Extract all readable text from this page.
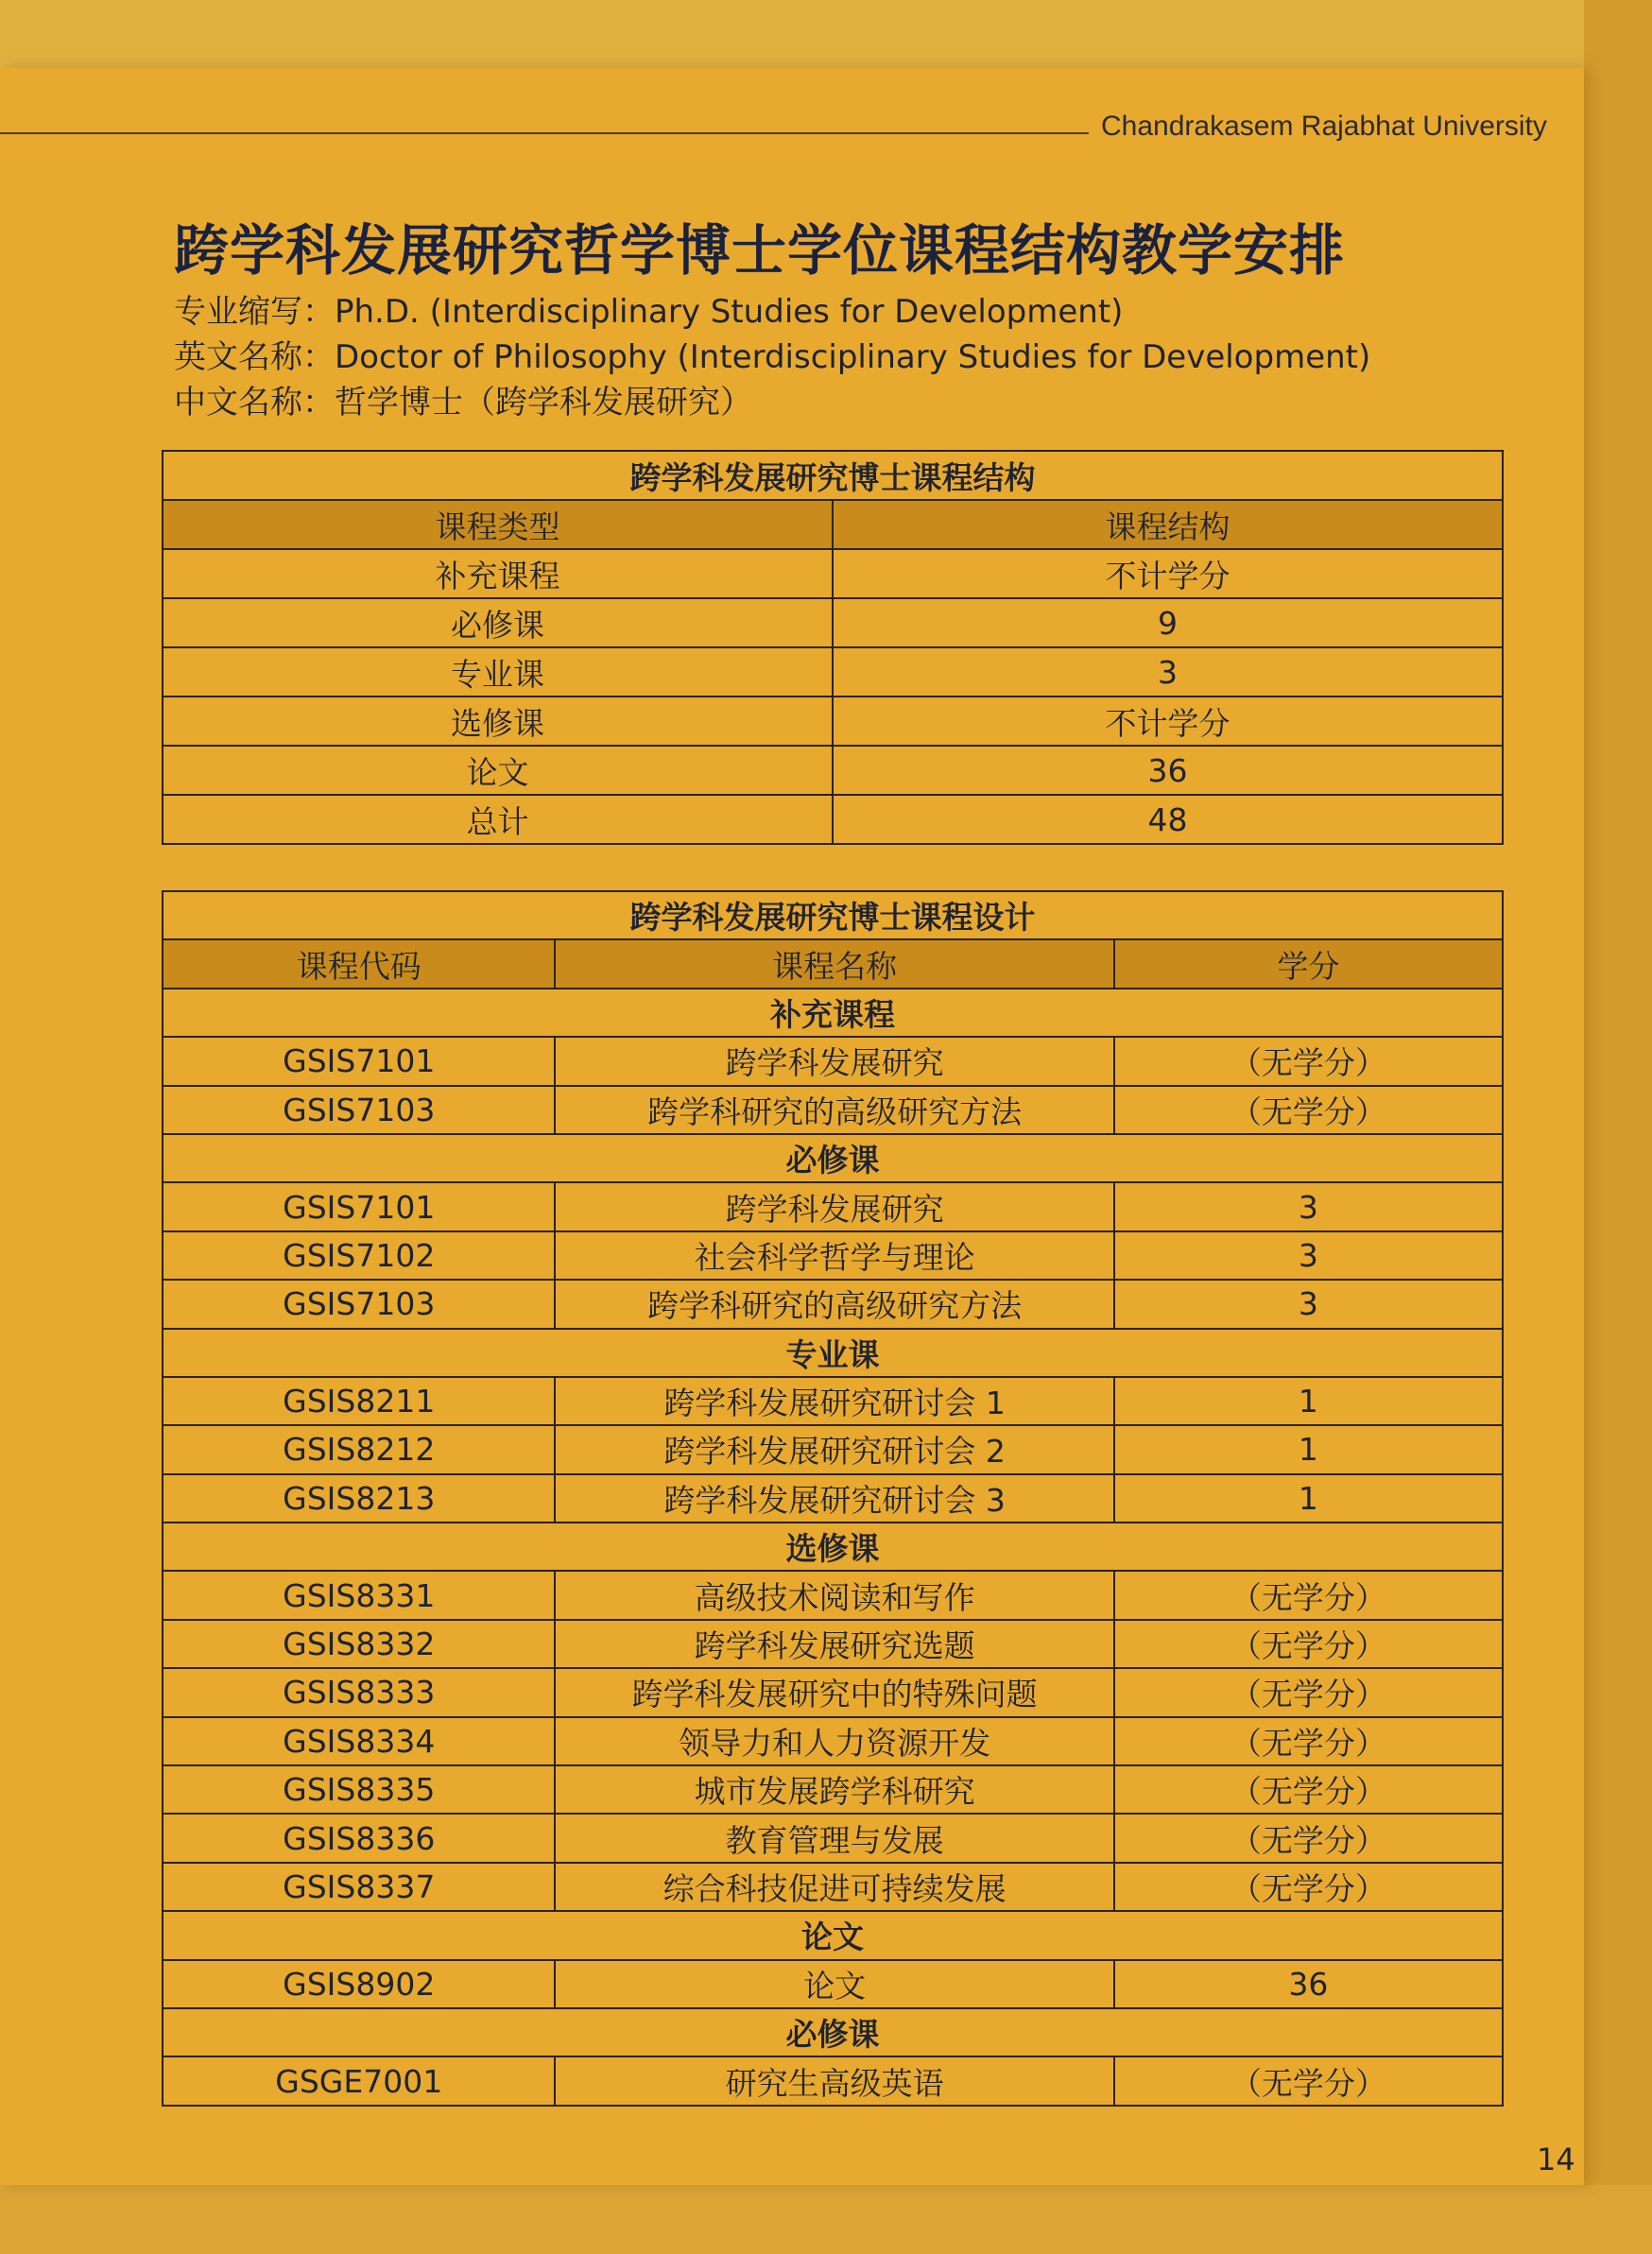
Chandrakasem Rajabhat University
跨学科发展研究哲学博士学位课程结构教学安排
专业缩写：Ph.D. (Interdisciplinary Studies for Development)
英文名称：Doctor of Philosophy (Interdisciplinary Studies for Development)
中文名称：哲学博士（跨学科发展研究）
跨学科发展研究博士课程结构	
课程类型	课程结构
补充课程	不计学分
必修课	9
专业课	3
选修课	不计学分
论文	36
总计	48
跨学科发展研究博士课程设计		
课程代码	课程名称	学分
补充课程		
GSIS7101	跨学科发展研究	（无学分）
GSIS7103	跨学科研究的高级研究方法	（无学分）
必修课		
GSIS7101	跨学科发展研究	3
GSIS7102	社会科学哲学与理论	3
GSIS7103	跨学科研究的高级研究方法	3
专业课		
GSIS8211	跨学科发展研究研讨会 1	1
GSIS8212	跨学科发展研究研讨会 2	1
GSIS8213	跨学科发展研究研讨会 3	1
选修课		
GSIS8331	高级技术阅读和写作	（无学分）
GSIS8332	跨学科发展研究选题	（无学分）
GSIS8333	跨学科发展研究中的特殊问题	（无学分）
GSIS8334	领导力和人力资源开发	（无学分）
GSIS8335	城市发展跨学科研究	（无学分）
GSIS8336	教育管理与发展	（无学分）
GSIS8337	综合科技促进可持续发展	（无学分）
论文		
GSIS8902	论文	36
必修课		
GSGE7001	研究生高级英语	（无学分）
14
